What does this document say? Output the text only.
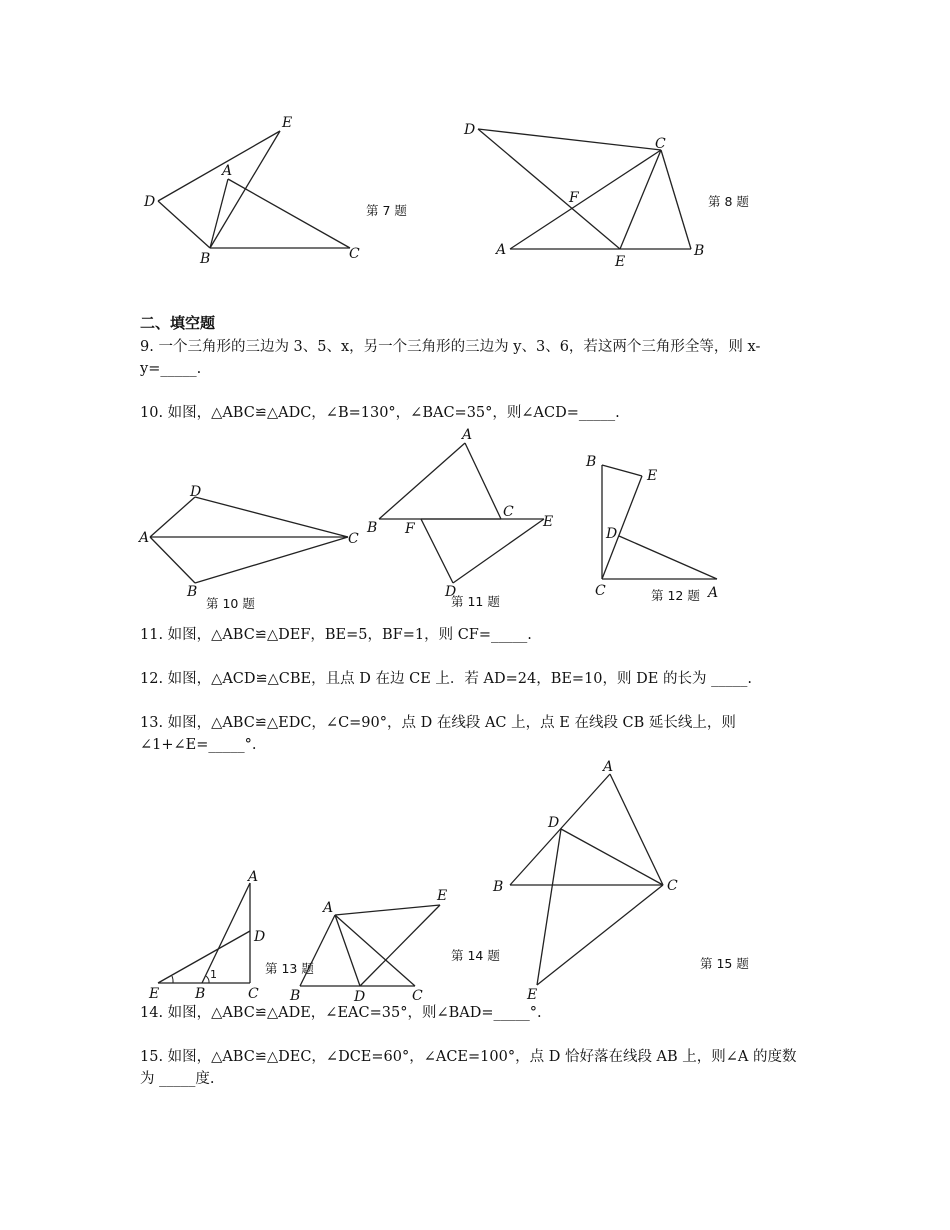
D
E
A
B	C
第 7 题
D
C
F
A
E
B
第 8 题
二、填空题

9. 一个三角形的三边为 3、5、x，另一个三角形的三边为 y、3、6，若这两个三角形全等，则 x-y=_____.

10. 如图，△ABC≌△ADC，∠B=130°，∠BAC=35°，则∠ACD=_____.

D
A	C
B
第 10 题
A
B F
C
E
D
第 11 题
B
E
D
C	A
第 12 题

11. 如图，△ABC≌△DEF，BE=5，BF=1，则 CF=_____.

12. 如图，△ACD≌△CBE，且点 D 在边 CE 上．若 AD=24，BE=10，则 DE 的长为 _____.

13. 如图，△ABC≌△EDC，∠C=90°，点 D 在线段 AC 上，点 E 在线段 CB 延长线上，则∠1+∠E=_____°.

A
D
E	B	C
1	第 13 题
A
E
B	D	C
第 14 题
A
D
B	C
E
第 15 题

14. 如图，△ABC≌△ADE，∠EAC=35°，则∠BAD=_____°.

15. 如图，△ABC≌△DEC，∠DCE=60°，∠ACE=100°，点 D 恰好落在线段 AB 上，则∠A 的度数为 _____度.
